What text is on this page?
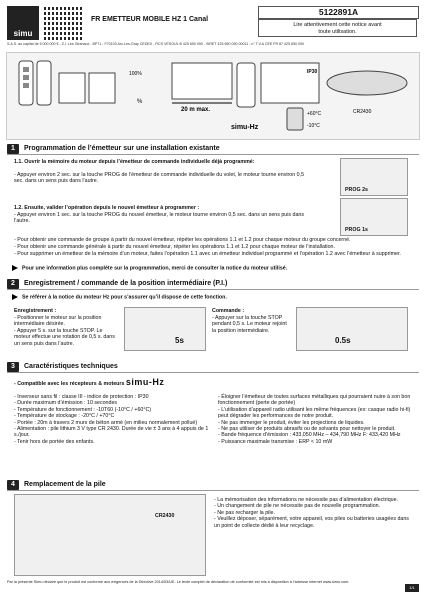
simu
FR EMETTEUR MOBILE HZ 1 Canal
5122891A
Lire attentivement cette notice avant
toute utilisation.
S.A.S. au capital de 5 000 000 € - Z.I. Les Giranaux - BP71 - F70103 Arc-Les-Gray CEDEX - RCS VESOUL B 425 650 090 - SIRET 425 650 090 00011 - n° T.V.A CEE FR 87 425 650 090
100%
%
20 m max.
simu-Hz
IP30
+60°C
-10°C
CR2430
1	Programmation de l’émetteur sur une installation existante
1.1. Ouvrir la mémoire du moteur depuis l’émetteur de commande individuelle déjà programmé:
- Appuyer environ 2 sec. sur la touche PROG de l’émetteur de commande individuelle du volet, le moteur tourne environ 0,5 sec. dans un sens puis dans l’autre.
PROG 2s
1.2. Ensuite, valider l’opération depuis le nouvel émetteur à programmer :
- Appuyer environ 1 sec. sur la touche PROG du nouvel émetteur, le moteur tourne environ 0,5 sec. dans un sens puis dans l’autre.
PROG 1s
- Pour obtenir une commande de groupe à partir du nouvel émetteur, répéter les opérations 1.1 et 1.2 pour chaque moteur du groupe concerné.
- Pour obtenir une commande générale à partir du nouvel émetteur, répéter les opérations 1.1 et 1.2 pour chaque moteur de l’installation.
- Pour supprimer un émetteur de la mémoire d’un moteur, faites l’opération 1.1 avec un émetteur individuel programmé et l’opération 1.2 avec l’émetteur à supprimer.
Pour une information plus complète sur la programmation, merci de consulter la notice du moteur utilisé.
2	Enregistrement / commande de la position intermédiaire (P.I.)
Se référer à la notice du moteur Hz pour s’assurer qu’il dispose de cette fonction.
Enregistrement :
- Positionner le moteur sur la position intermédiaire désirée.
- Appuyer 5 s. sur la touche STOP. Le moteur effectue une rotation de 0,5 s. dans un sens puis dans l’autre.	5s
Commande :
- Appuyer sur la touche STOP pendant 0,5 s. Le moteur rejoint la position intermédiaire.
0.5s
3	Caractéristiques techniques
- Compatible avec les récepteurs & moteurs simu-Hz
- Inverseur sans fil : classe III - indice de protection : IP30
- Durée maximum d’émission : 10 secondes
- Température de fonctionnement : -10T60 (-10°C / +60°C)
- Température de stockage : -20°C / +70°C
- Portée : 20m à travers 2 murs de béton armé (en milieu normalement pollué)
- Alimentation : pile lithium 3 V type CR 2430. Durée de vie ± 3 ans à 4 appuis de 1 s./jour.
- Tenir hors de portée des enfants.
- Éloigner l’émetteur de toutes surfaces métalliques qui pourraient nuire à son bon fonctionnement (perte de portée)
- L’utilisation d’appareil radio utilisant les même fréquences (ex: casque radio hi-fi) peut dégrader les performances de notre produit.
- Ne pas immerger le produit, éviter les projections de liquides.
- Ne pas utiliser de produits abrasifs ou de solvants pour nettoyer le produit.
- Bande fréquence d’émission : 433,050 MHz – 434,790 MHz F: 433,420 MHz
- Puissance maximale transmise : ERP < 10 mW
4	Remplacement de la pile
CR2430
- La mémorisation des informations ne nécessite pas d’alimentation électrique.
- Un changement de pile ne nécessite pas de nouvelle programmation.
- Ne pas recharger la pile.
- Veuillez déposer, séparément, votre appareil, vos piles ou batteries usagées dans un point de collecte dédié à leur recyclage.
Par la présente Simu déclare que le produit est conforme aux exigences de la Directive 2014/53/UE. Le texte complet de déclaration de conformité est mis à disposition à l’adresse internet www.simu.com.
1/1
